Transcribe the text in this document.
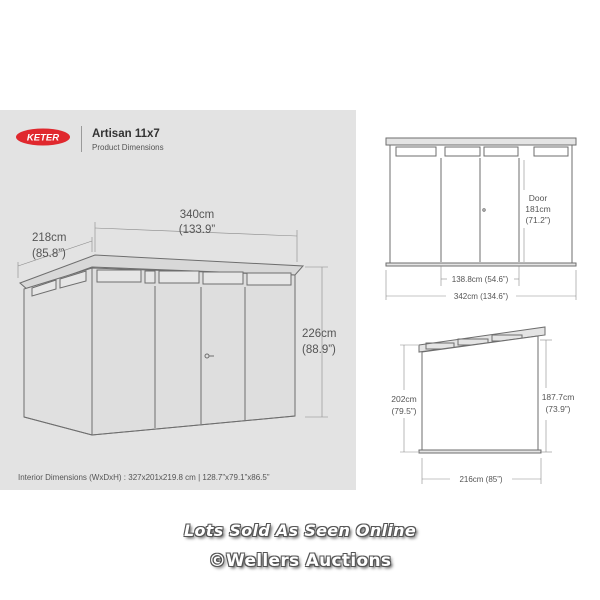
KETER	Artisan 11x7
Product Dimensions
340cm
(133.9”
218cm
(85.8”)
226cm
(88.9”)
Door
181cm
(71.2”)
138.8cm (54.6”)
342cm (134.6”)
202cm
(79.5”)
187.7cm
(73.9”)
216cm (85”)
Interior Dimensions (WxDxH) : 327x201x219.8 cm | 128.7”x79.1”x86.5”
Lots Sold As Seen Online
©Wellers Auctions
